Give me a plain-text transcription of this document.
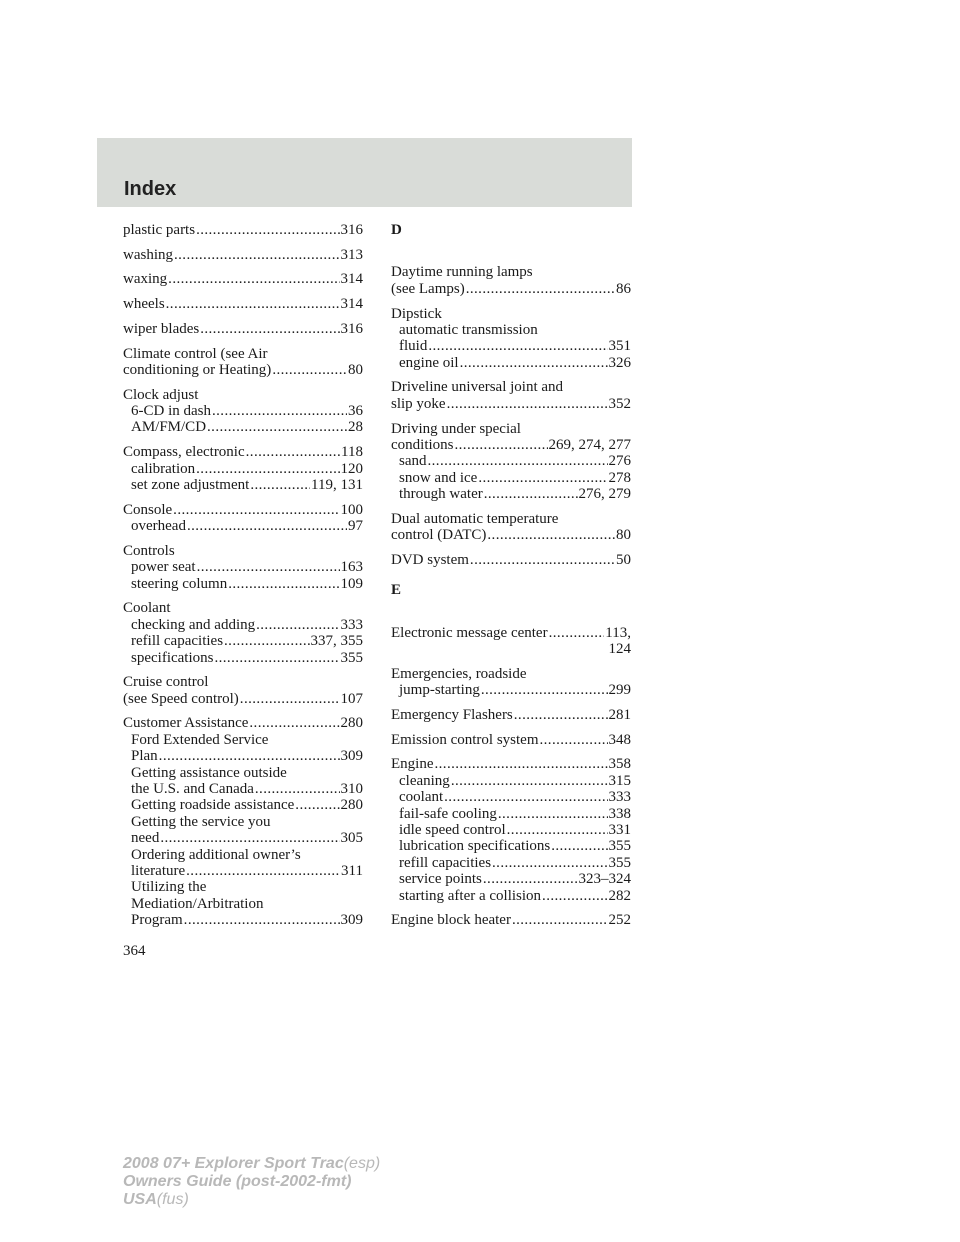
Index
plastic parts .....	316
washing .....	313
waxing .....	314
wheels .....	314
wiper blades .....	316
Climate control (see Air
conditioning or Heating) .....	80
Clock adjust
6-CD in dash .....	36
AM/FM/CD .....	28
Compass, electronic .....	118
calibration .....	120
set zone adjustment .....	119, 131
Console .....	100
overhead .....	97
Controls
power seat .....	163
steering column .....	109
Coolant
checking and adding .....	333
refill capacities .....	337, 355
specifications .....	355
Cruise control
(see Speed control) .....	107
Customer Assistance .....	280
Ford Extended Service
Plan .....	309
Getting assistance outside
the U.S. and Canada .....	310
Getting roadside assistance .....	280
Getting the service you
need .....	305
Ordering additional owner’s
literature .....	311
Utilizing the
Mediation/Arbitration
Program .....	309
D
Daytime running lamps
(see Lamps) .....	86
Dipstick
automatic transmission
fluid .....	351
engine oil .....	326
Driveline universal joint and
slip yoke .....	352
Driving under special
conditions .....	269, 274, 277
sand .....	276
snow and ice .....	278
through water .....	276, 279
Dual automatic temperature
control (DATC) .....	80
DVD system .....	50
E
Electronic message center .....	113,
124
Emergencies, roadside
jump-starting .....	299
Emergency Flashers .....	281
Emission control system .....	348
Engine .....	358
cleaning .....	315
coolant .....	333
fail-safe cooling .....	338
idle speed control .....	331
lubrication specifications .....	355
refill capacities .....	355
service points .....	323–324
starting after a collision .....	282
Engine block heater .....	252
364
2008 07+ Explorer Sport Trac(esp)
Owners Guide (post-2002-fmt)
USA(fus)
